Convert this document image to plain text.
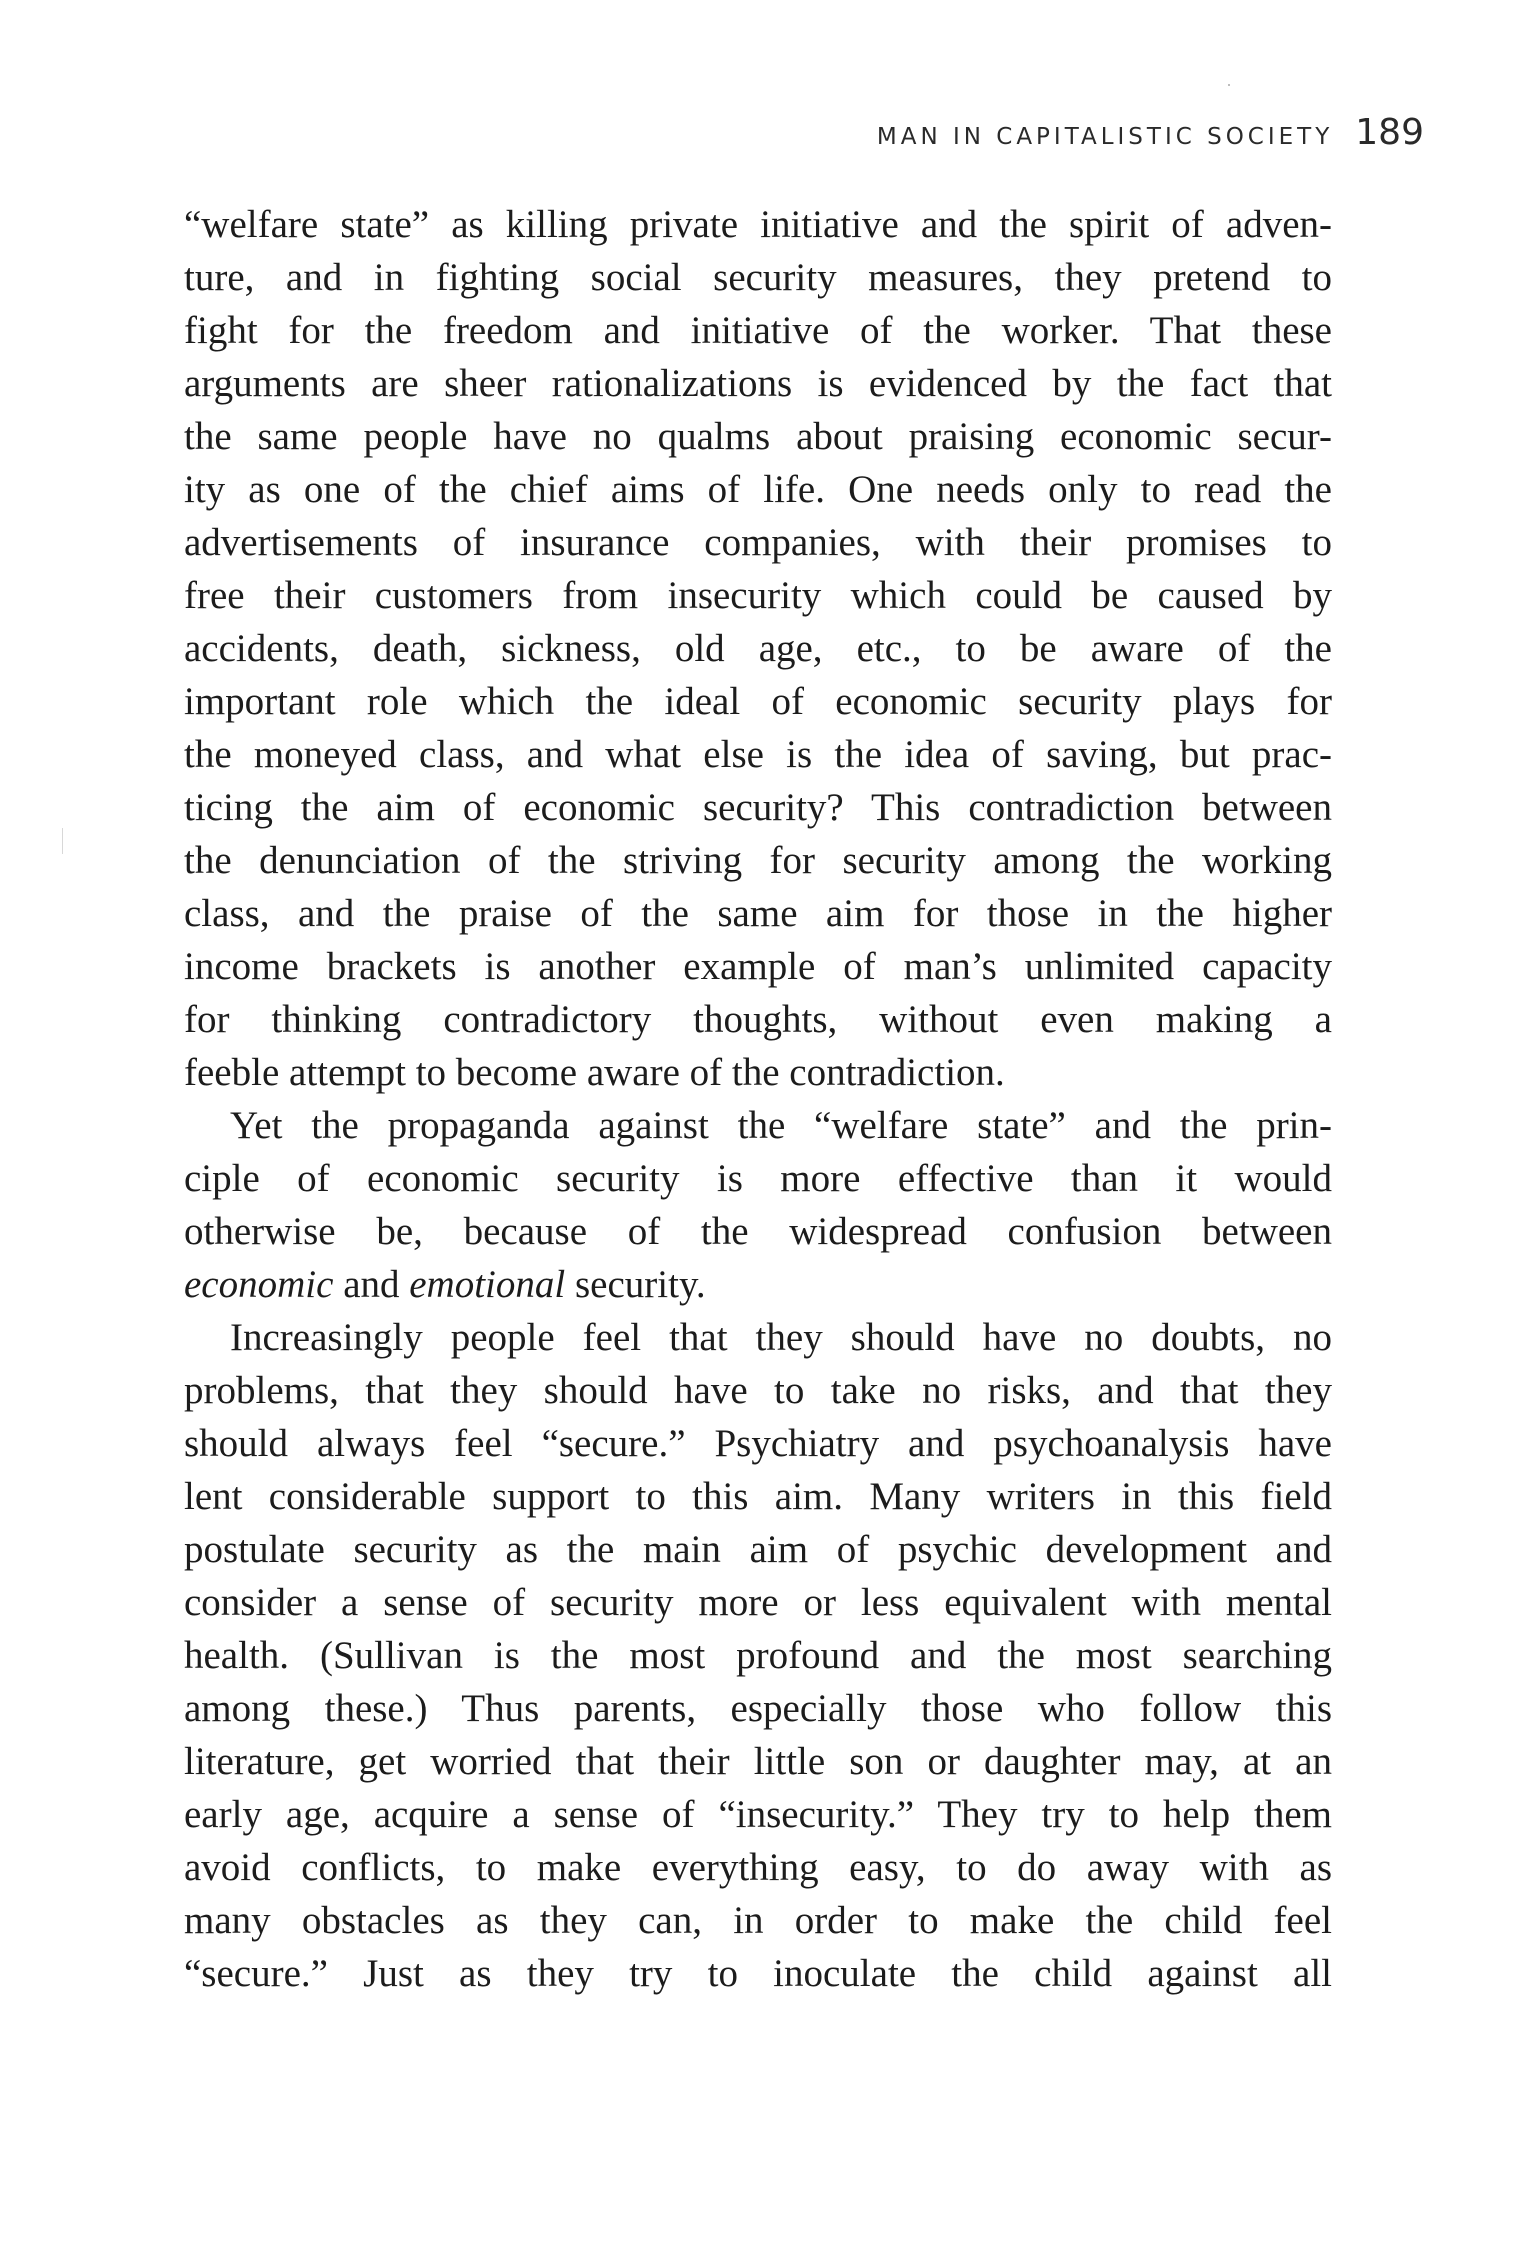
MAN IN CAPITALISTIC SOCIETY 189
“welfare state” as killing private initiative and the spirit of adven-
ture, and in fighting social security measures, they pretend to
fight for the freedom and initiative of the worker. That these
arguments are sheer rationalizations is evidenced by the fact that
the same people have no qualms about praising economic secur-
ity as one of the chief aims of life. One needs only to read the
advertisements of insurance companies, with their promises to
free their customers from insecurity which could be caused by
accidents, death, sickness, old age, etc., to be aware of the
important role which the ideal of economic security plays for
the moneyed class, and what else is the idea of saving, but prac-
ticing the aim of economic security? This contradiction between
the denunciation of the striving for security among the working
class, and the praise of the same aim for those in the higher
income brackets is another example of man’s unlimited capacity
for thinking contradictory thoughts, without even making a
feeble attempt to become aware of the contradiction.
Yet the propaganda against the “welfare state” and the prin-
ciple of economic security is more effective than it would
otherwise be, because of the widespread confusion between
economic and emotional security.
Increasingly people feel that they should have no doubts, no
problems, that they should have to take no risks, and that they
should always feel “secure.” Psychiatry and psychoanalysis have
lent considerable support to this aim. Many writers in this field
postulate security as the main aim of psychic development and
consider a sense of security more or less equivalent with mental
health. (Sullivan is the most profound and the most searching
among these.) Thus parents, especially those who follow this
literature, get worried that their little son or daughter may, at an
early age, acquire a sense of “insecurity.” They try to help them
avoid conflicts, to make everything easy, to do away with as
many obstacles as they can, in order to make the child feel
“secure.” Just as they try to inoculate the child against all
